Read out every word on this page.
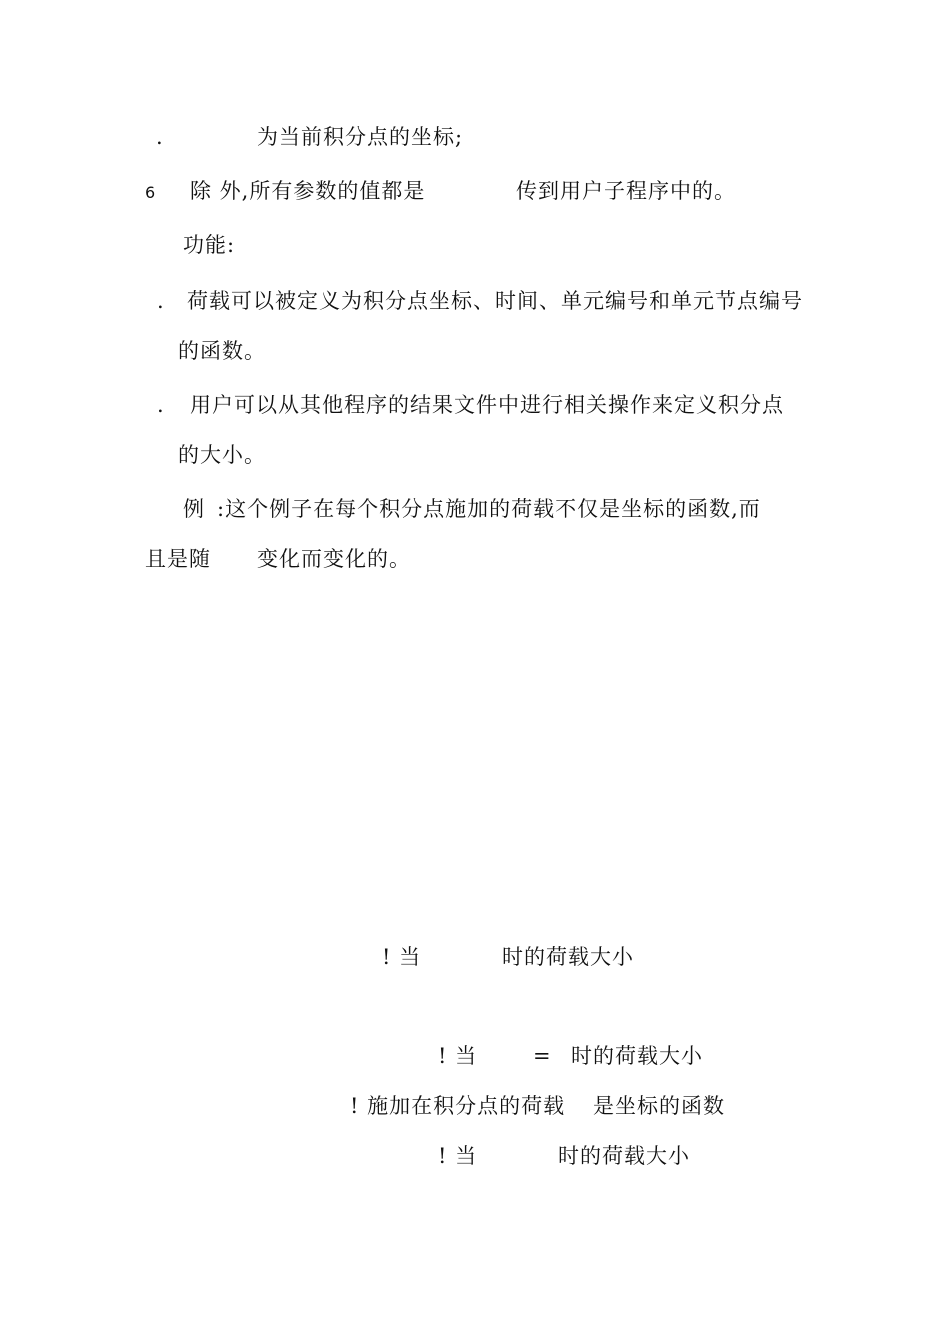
.	为当前积分点的坐标;
6 除 外,所有参数的值都是	传到用户子程序中的。
功能:
. 荷载可以被定义为积分点坐标、时间、单元编号和单元节点编号
的函数。
. 用户可以从其他程序的结果文件中进行相关操作来定义积分点
的大小。
例 :这个例子在每个积分点施加的荷载不仅是坐标的函数,而
且是随 变化而变化的。
! 当	时的荷载大小
! 当	= 时的荷载大小
! 施加在积分点的荷载 是坐标的函数
! 当	时的荷载大小
